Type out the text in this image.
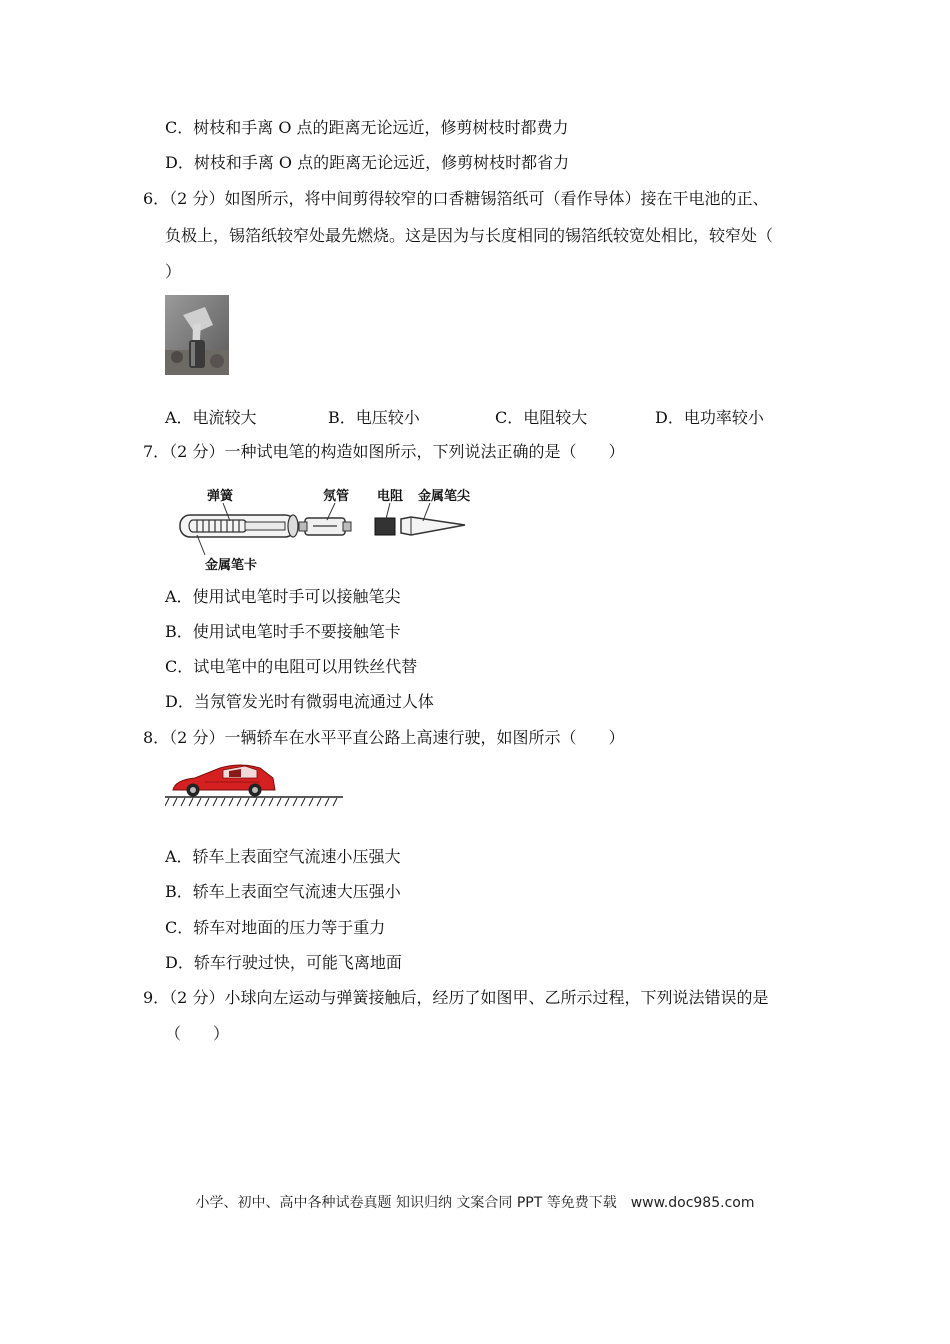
C．树枝和手离 O 点的距离无论远近，修剪树枝时都费力
D．树枝和手离 O 点的距离无论远近，修剪树枝时都省力
6．（2 分）如图所示，将中间剪得较窄的口香糖锡箔纸可（看作导体）接在干电池的正、
负极上，锡箔纸较窄处最先燃烧。这是因为与长度相同的锡箔纸较宽处相比，较窄处（
）
A．电流较大	B．电压较小	C．电阻较大	D．电功率较小
7．（2 分）一种试电笔的构造如图所示，下列说法正确的是（　　）
弹簧	氖管 电阻 金属笔尖
金属笔卡
A．使用试电笔时手可以接触笔尖
B．使用试电笔时手不要接触笔卡
C．试电笔中的电阻可以用铁丝代替
D．当氖管发光时有微弱电流通过人体
8．（2 分）一辆轿车在水平平直公路上高速行驶，如图所示（　　）
A．轿车上表面空气流速小压强大
B．轿车上表面空气流速大压强小
C．轿车对地面的压力等于重力
D．轿车行驶过快，可能飞离地面
9．（2 分）小球向左运动与弹簧接触后，经历了如图甲、乙所示过程，下列说法错误的是
（　　）
小学、初中、高中各种试卷真题 知识归纳 文案合同 PPT 等免费下载　www.doc985.com
